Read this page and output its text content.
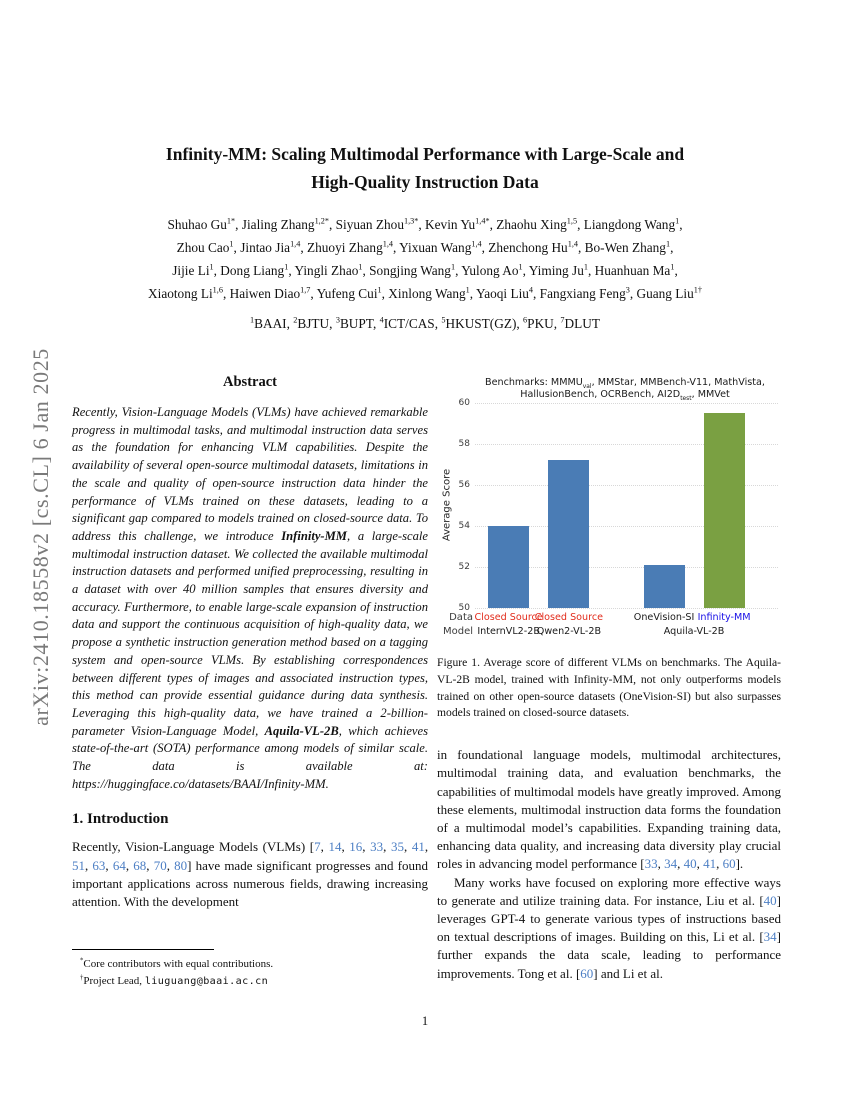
arXiv:2410.18558v2 [cs.CL] 6 Jan 2025
Infinity-MM: Scaling Multimodal Performance with Large-Scale and
High-Quality Instruction Data
Shuhao $Gu^{1*}$, Jialing Zhang$^{1,2*}$, Siyuan Zhou$^{1,3*}$, Kevin $Yu^{1,4*}$, Zhaohu Xing$^{1,5}$, Liangdong Wang$^1$,
Zhou Cao$^1$, Jintao Jia$^{1,4}$, Zhuoyi Zhang$^{1,4}$, Yixuan Wang$^{1,4}$, Zhenchong Hu$^{1,4}$, Bo-Wen Zhang$^1$,
Jijie Li$^1$, Dong Liang$^1$, Yingli Zhao$^1$, Songjing Wang$^1$, Yulong Ao$^1$, Yiming Ju$^1$, Huanhuan Ma$^1$,
Xiaotong Li$^{1,6}$, Haiwen Diao$^{1,7}$, Yufeng Cui$^1$, Xinlong Wang$^1$, Yaoqi Liu$^4$, Fangxiang Feng$^3$, Guang Liu$^{1\dagger}$
$^1$BAAI, $^2$BJTU, $^3$BUPT, $^4$ICT/CAS, $^5$HKUST(GZ), $^6$PKU, $^7$DLUT
Abstract

Recently, Vision-Language Models (VLMs) have achieved remarkable progress in multimodal tasks, and multimodal instruction data serves as the foundation for enhancing VLM capabilities. Despite the availability of several open-source multimodal datasets, limitations in the scale and quality of open-source instruction data hinder the performance of VLMs trained on these datasets, leading to a significant gap compared to models trained on closed-source data. To address this challenge, we introduce Infinity-MM, a large-scale multimodal instruction dataset. We collected the available multimodal instruction datasets and performed unified preprocessing, resulting in a dataset with over 40 million samples that ensures diversity and accuracy. Furthermore, to enable large-scale expansion of instruction data and support the continuous acquisition of high-quality data, we propose a synthetic instruction generation method based on a tagging system and open-source VLMs. By establishing correspondences between different types of images and associated instruction types, this method can provide essential guidance during data synthesis. Leveraging this high-quality data, we have trained a 2-billion-parameter Vision-Language Model, Aquila-VL-2B, which achieves state-of-the-art (SOTA) performance among models of similar scale. The data is available at: https://huggingface.co/datasets/BAAI/Infinity-MM.

1. Introduction

Recently, Vision-Language Models (VLMs) [7, 14, 16, 33, 35, 41, 51, 63, 64, 68, 70, 80] have made significant progresses and found important applications across numerous fields, drawing increasing attention. With the development

*Core contributors with equal contributions.

†Project Lead, liuguang@baai.ac.cn

Benchmarks: $MMMU_{val}$, MMStar, MMBench-V11, MathVista,
HallusionBench, OCRBench, $AI2D_{test}$, MMVet
Average Score
50
52
54
56
58
60
Closed Source
Closed Source	OneVision-SI Infinity-MM
InternVL2-2B
Qwen2-VL-2B	Aquila-VL-2B
Data
Model
Figure 1. Average score of different VLMs on benchmarks. The Aquila-VL-2B model, trained with Infinity-MM, not only outperforms models trained on other open-source datasets (OneVision-SI) but also surpasses models trained on closed-source datasets.

in foundational language models, multimodal architectures, multimodal training data, and evaluation benchmarks, the capabilities of multimodal models have greatly improved. Among these elements, multimodal instruction data forms the foundation of a multimodal model’s capabilities. Expanding training data, enhancing data quality, and increasing data diversity play crucial roles in advancing model performance [33, 34, 40, 41, 60].

Many works have focused on exploring more effective ways to generate and utilize training data. For instance, Liu et al. [40] leverages GPT-4 to generate various types of instructions based on textual descriptions of images. Building on this, Li et al. [34] further expands the data scale, leading to performance improvements. Tong et al. [60] and Li et al.

1
